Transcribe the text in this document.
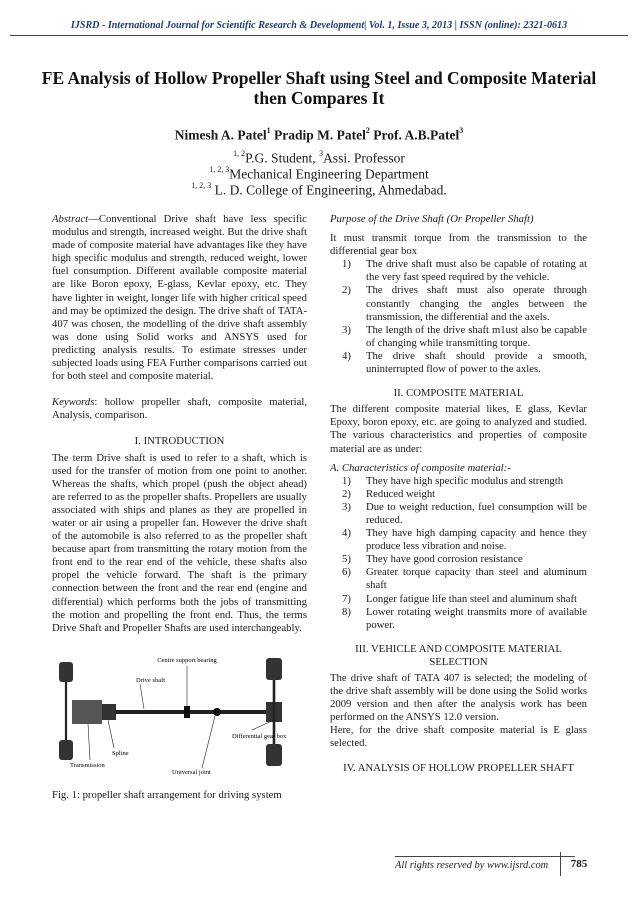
IJSRD - International Journal for Scientific Research & Development| Vol. 1, Issue 3, 2013 | ISSN (online): 2321-0613
FE Analysis of Hollow Propeller Shaft using Steel and Composite Material then Compares It
Nimesh A. Patel$^1$ Pradip M. Patel$^2$ Prof. A.B.Patel$^3$
$^{1, 2}$P.G. Student, $^3$Assi. Professor
$^{1, 2, 3}$Mechanical Engineering Department
$^{1, 2, 3}$ L. D. College of Engineering, Ahmedabad.

Abstract—Conventional Drive shaft have less specific modulus and strength, increased weight. But the drive shaft made of composite material have advantages like they have high specific modulus and strength, reduced weight, lower fuel consumption. Different available composite material are like Boron epoxy, E-glass, Kevlar epoxy, etc. They have lighter in weight, longer life with higher critical speed and may be optimized the design. The drive shaft of TATA-407 was chosen, the modelling of the drive shaft assembly was done using Solid works and ANSYS used for predicting analysis results. To estimate stresses under subjected loads using FEA Further comparisons carried out for both steel and composite material.

Keywords: hollow propeller shaft, composite material, Analysis, comparison.

I. INTRODUCTION

The term Drive shaft is used to refer to a shaft, which is used for the transfer of motion from one point to another. Whereas the shafts, which propel (push the object ahead) are referred to as the propeller shafts. Propellers are usually associated with ships and planes as they are propelled in water or air using a propeller fan. However the drive shaft of the automobile is also referred to as the propeller shaft because apart from transmitting the rotary motion from the front end to the rear end of the vehicle, these shafts also propel the vehicle forward. The shaft is the primary connection between the front and the rear end (engine and differential) which performs both the jobs of transmitting the motion and propelling the front end. Thus, the terms Drive Shaft and Propeller Shafts are used interchangeably.

Centre support bearing
Drive shaft
Differential gear box
Spline
Transmission
Universal joint
Fig. 1: propeller shaft arrangement for driving system

Purpose of the Drive Shaft (Or Propeller Shaft)

It must transmit torque from the transmission to the differential gear box

1) The drive shaft must also be capable of rotating at the very fast speed required by the vehicle.
2) The drives shaft must also operate through constantly changing the angles between the transmission, the differential and the axels.
3) The length of the drive shaft m1ust also be capable of changing while transmitting torque.
4) The drive shaft should provide a smooth, uninterrupted flow of power to the axles.

II. COMPOSITE MATERIAL

The different composite material likes, E glass, Kevlar Epoxy, boron epoxy, etc. are going to analyzed and studied. The various characteristics and properties of composite material are as under:

A. Characteristics of composite material:-

1) They have high specific modulus and strength
2) Reduced weight
3) Due to weight reduction, fuel consumption will be reduced.
4) They have high damping capacity and hence they produce less vibration and noise.
5) They have good corrosion resistance
6) Greater torque capacity than steel and aluminum shaft
7) Longer fatigue life than steel and aluminum shaft
8) Lower rotating weight transmits more of available power.

III. VEHICLE AND COMPOSITE MATERIAL

SELECTION

The drive shaft of TATA 407 is selected; the modeling of the drive shaft assembly will be done using the Solid works 2009 version and then after the analysis work has been performed on the ANSYS 12.0 version.

Here, for the drive shaft composite material is E glass selected.

IV. ANALYSIS OF HOLLOW PROPELLER SHAFT

All rights reserved by www.ijsrd.com	785
